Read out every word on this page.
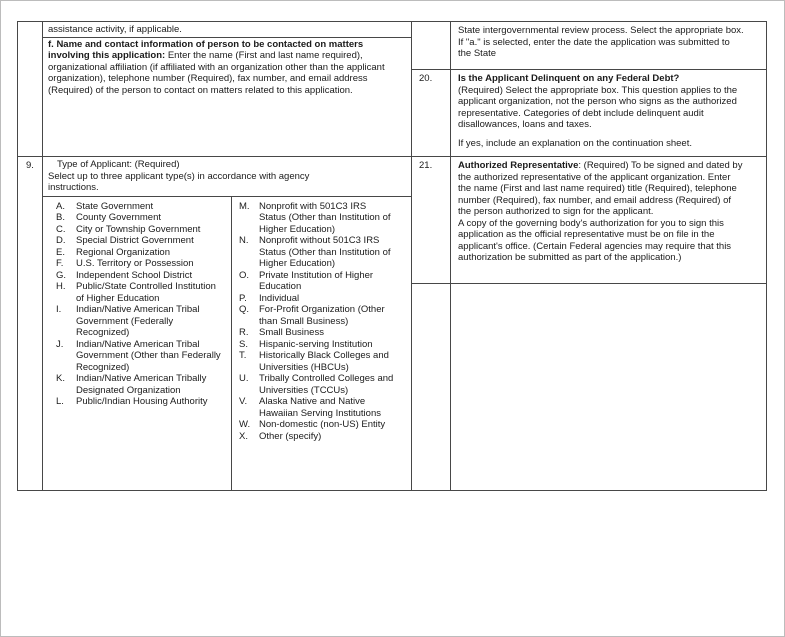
assistance activity, if applicable.

f. Name and contact information of person to be contacted on matters involving this application: Enter the name (First and last name required), organizational affiliation (if affiliated with an organization other than the applicant organization), telephone number (Required), fax number, and email address (Required) of the person to contact on matters related to this application.

9.	Type of Applicant: (Required)
Select up to three applicant type(s) in accordance with agency instructions.
A.	State Government
B.	County Government
C.	City or Township Government
D.	Special District Government
E.	Regional Organization
F.	U.S. Territory or Possession
G.	Independent School District
H.	Public/State Controlled Institution of Higher Education
I.	Indian/Native American Tribal Government (Federally Recognized)
J.	Indian/Native American Tribal Government (Other than Federally Recognized)
K.	Indian/Native American Tribally Designated Organization
L.	Public/Indian Housing Authority
M. Nonprofit with 501C3 IRS Status (Other than Institution of Higher Education)
N.	Nonprofit without 501C3 IRS Status (Other than Institution of Higher Education)
O.	Private Institution of Higher Education
P.	Individual
Q.	For-Profit Organization (Other than Small Business)
R.	Small Business
S.	Hispanic-serving Institution
T.	Historically Black Colleges and Universities (HBCUs)
U.	Tribally Controlled Colleges and Universities (TCCUs)
V.	Alaska Native and Native Hawaiian Serving Institutions
W. Non-domestic (non-US) Entity
X.	Other (specify)
State intergovernmental review process. Select the appropriate box. If "a." is selected, enter the date the application was submitted to the State
20.	Is the Applicant Delinquent on any Federal Debt?
(Required) Select the appropriate box. This question applies to the applicant organization, not the person who signs as the authorized representative. Categories of debt include delinquent audit disallowances, loans and taxes.
If yes, include an explanation on the continuation sheet.
21.	Authorized Representative: (Required) To be signed and dated by the authorized representative of the applicant organization. Enter the name (First and last name required) title (Required), telephone number (Required), fax number, and email address (Required) of the person authorized to sign for the applicant.

A copy of the governing body's authorization for you to sign this application as the official representative must be on file in the applicant's office. (Certain Federal agencies may require that this authorization be submitted as part of the application.)
